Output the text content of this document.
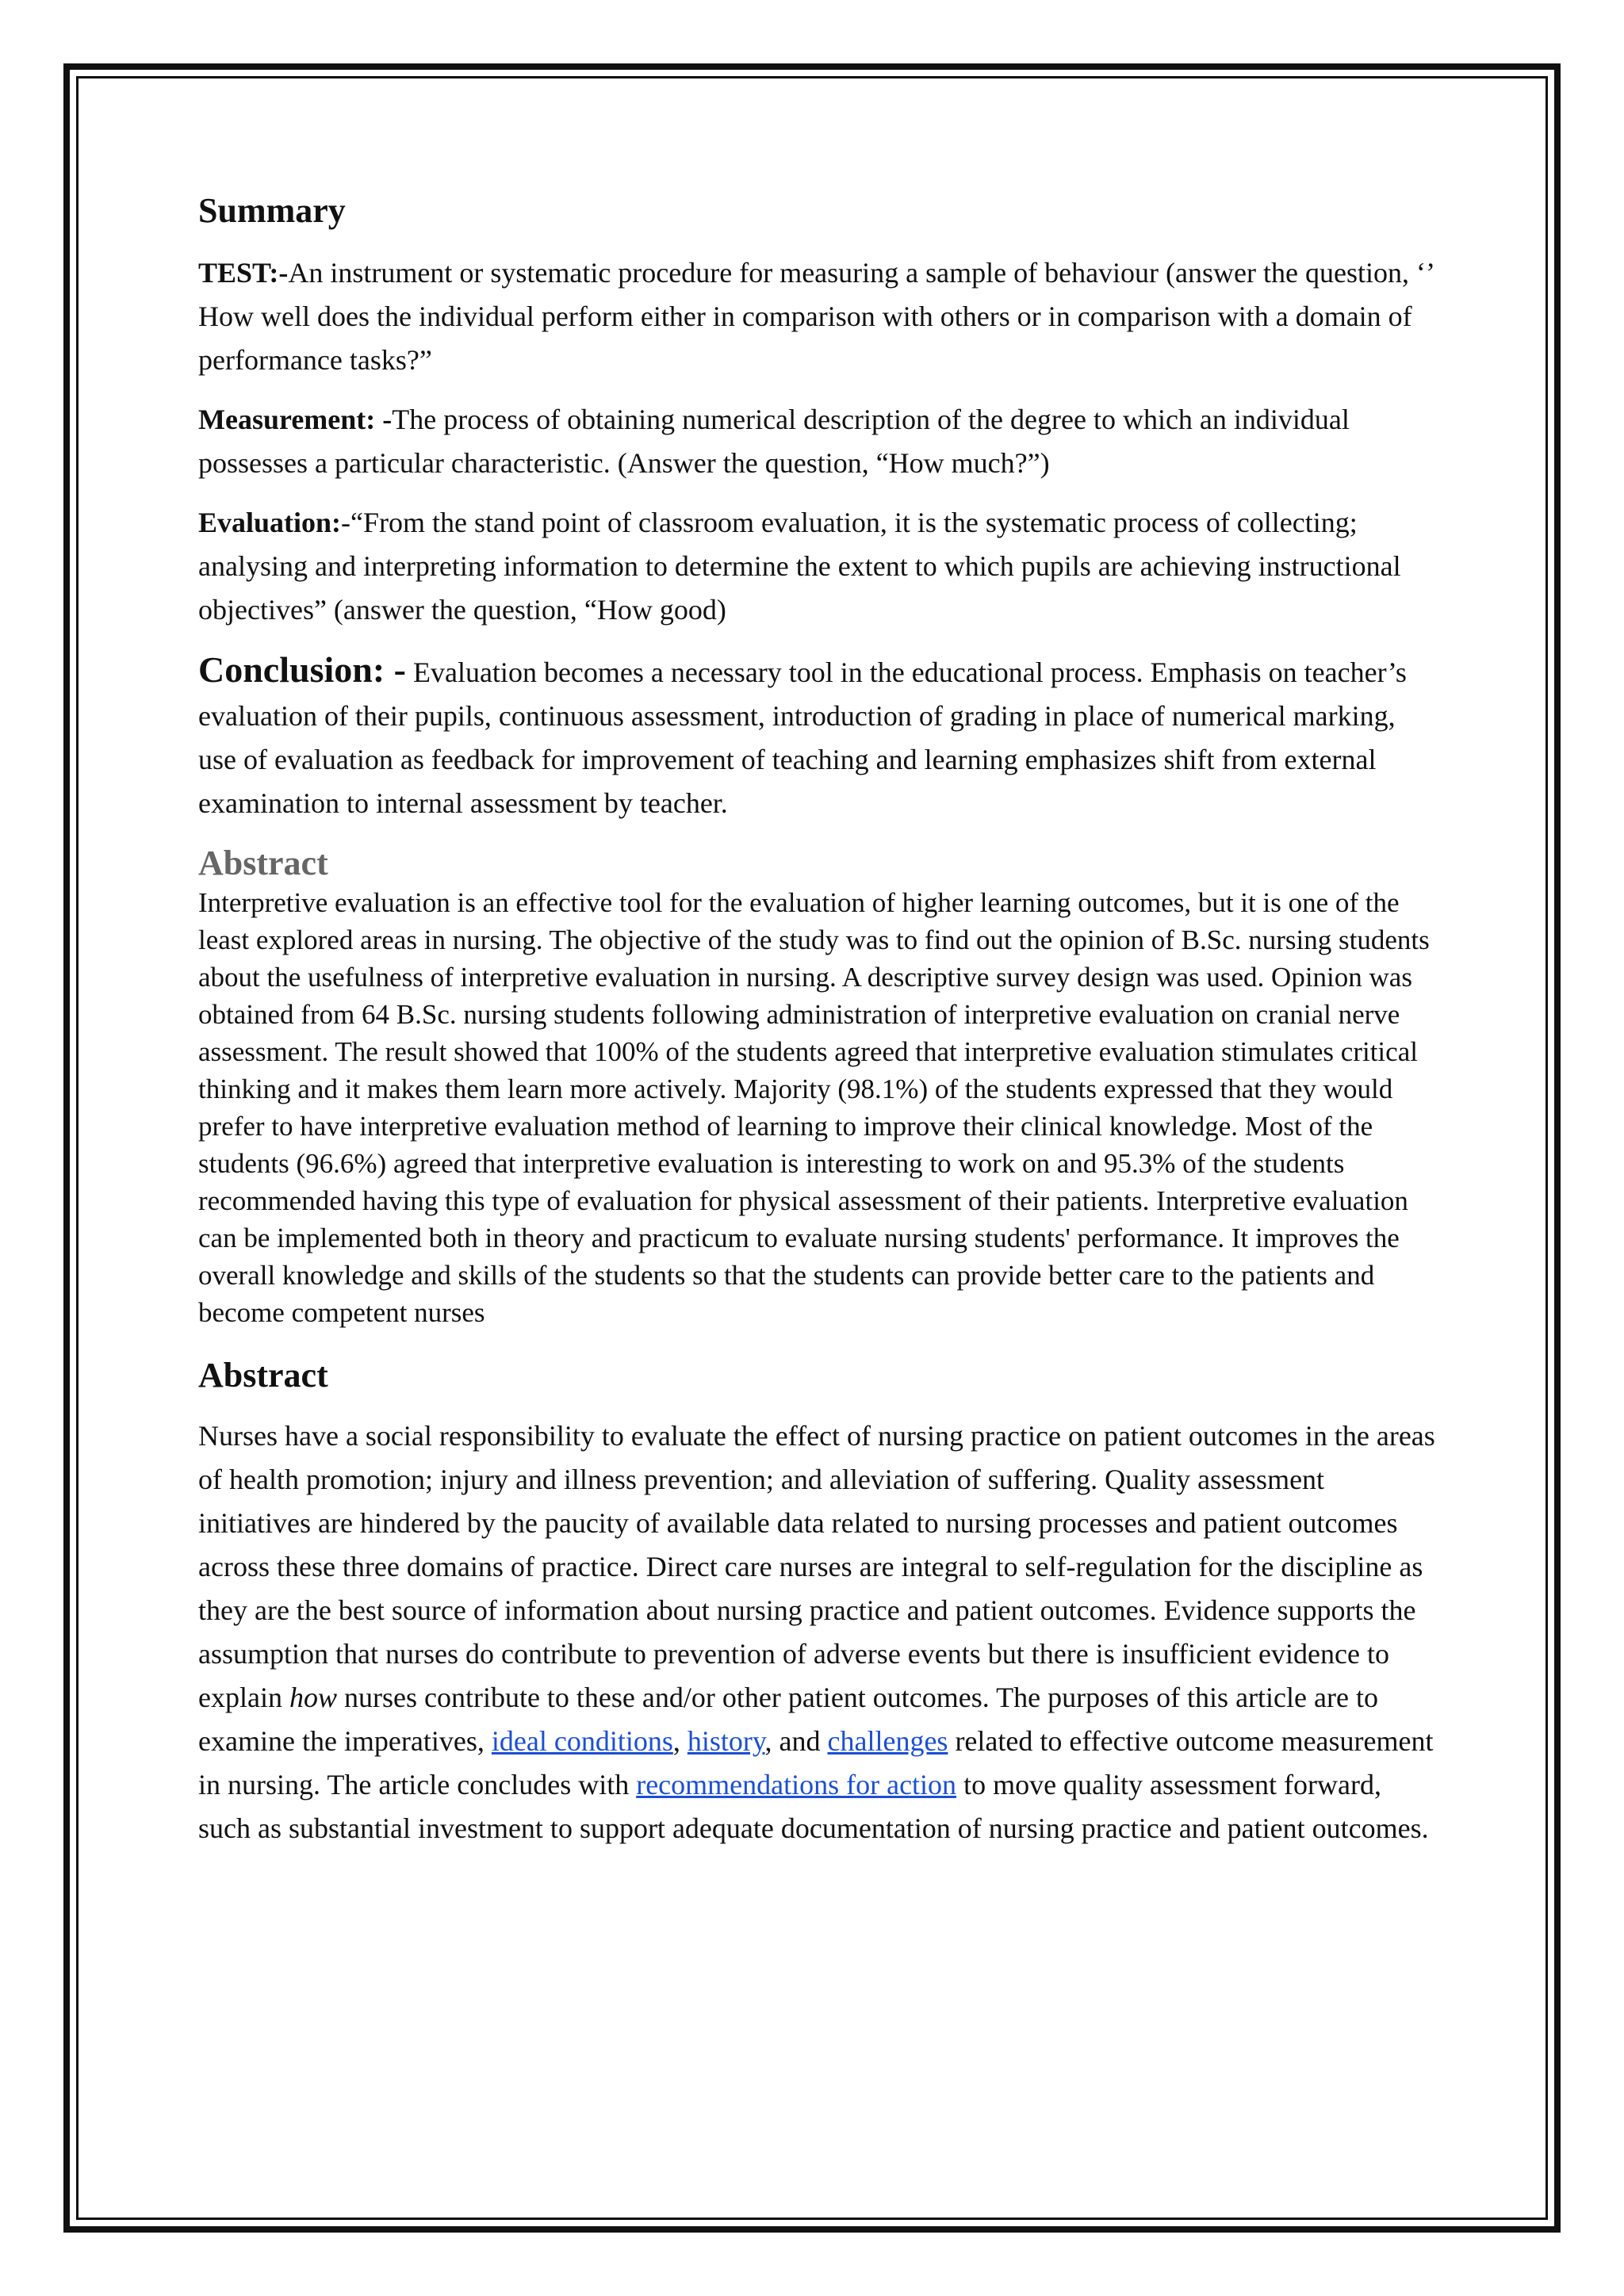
Summary

TEST:-An instrument or systematic procedure for measuring a sample of behaviour (answer the question, ‘’ How well does the individual perform either in comparison with others or in comparison with a domain of performance tasks?”

Measurement: -The process of obtaining numerical description of the degree to which an individual possesses a particular characteristic. (Answer the question, “How much?”)

Evaluation:-“From the stand point of classroom evaluation, it is the systematic process of collecting; analysing and interpreting information to determine the extent to which pupils are achieving instructional objectives” (answer the question, “How good)

Conclusion: - Evaluation becomes a necessary tool in the educational process. Emphasis on teacher’s evaluation of their pupils, continuous assessment, introduction of grading in place of numerical marking, use of evaluation as feedback for improvement of teaching and learning emphasizes shift from external examination to internal assessment by teacher.

Abstract

Interpretive evaluation is an effective tool for the evaluation of higher learning outcomes, but it is one of the least explored areas in nursing. The objective of the study was to find out the opinion of B.Sc. nursing students about the usefulness of interpretive evaluation in nursing. A descriptive survey design was used. Opinion was obtained from 64 B.Sc. nursing students following administration of interpretive evaluation on cranial nerve assessment. The result showed that 100% of the students agreed that interpretive evaluation stimulates critical thinking and it makes them learn more actively. Majority (98.1%) of the students expressed that they would prefer to have interpretive evaluation method of learning to improve their clinical knowledge. Most of the students (96.6%) agreed that interpretive evaluation is interesting to work on and 95.3% of the students recommended having this type of evaluation for physical assessment of their patients. Interpretive evaluation can be implemented both in theory and practicum to evaluate nursing students' performance. It improves the overall knowledge and skills of the students so that the students can provide better care to the patients and become competent nurses

Abstract

Nurses have a social responsibility to evaluate the effect of nursing practice on patient outcomes in the areas of health promotion; injury and illness prevention; and alleviation of suffering. Quality assessment initiatives are hindered by the paucity of available data related to nursing processes and patient outcomes across these three domains of practice. Direct care nurses are integral to self-regulation for the discipline as they are the best source of information about nursing practice and patient outcomes. Evidence supports the assumption that nurses do contribute to prevention of adverse events but there is insufficient evidence to explain how nurses contribute to these and/or other patient outcomes. The purposes of this article are to examine the imperatives, ideal conditions, history, and challenges related to effective outcome measurement in nursing. The article concludes with recommendations for action to move quality assessment forward, such as substantial investment to support adequate documentation of nursing practice and patient outcomes.
